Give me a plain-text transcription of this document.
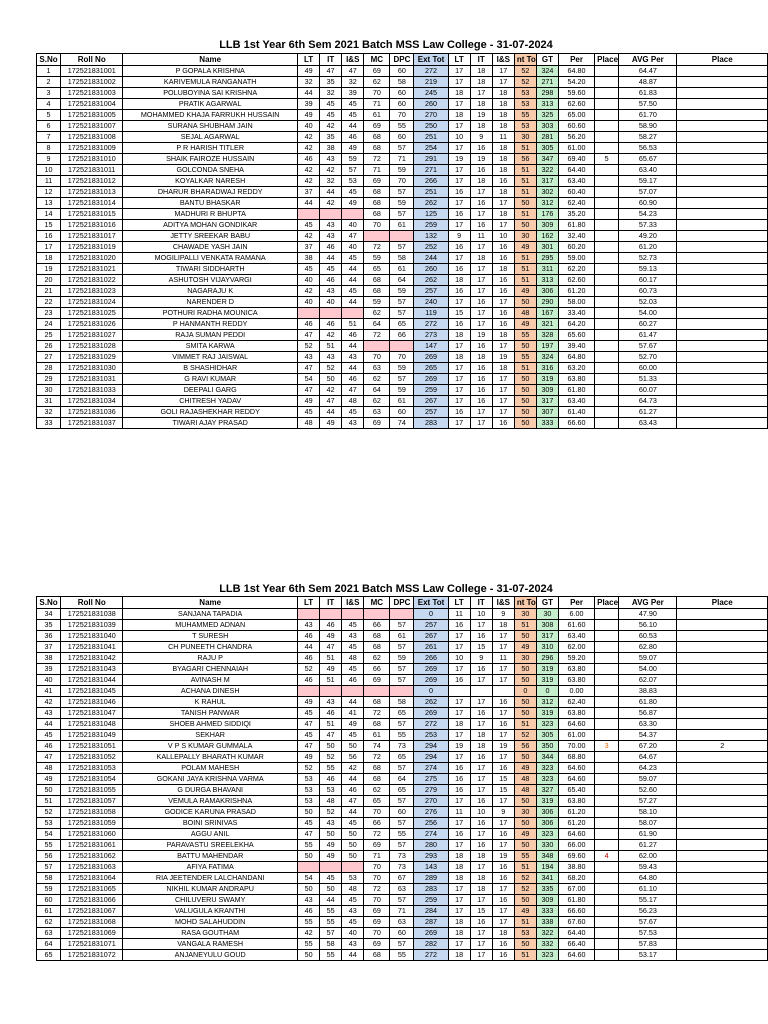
LLB 1st Year 6th Sem 2021 Batch MSS Law College - 31-07-2024
S.No	Roll No	Name	LT	IT	I&S	MC	DPC	Ext Tot	LT	IT	I&S	nt To	GT	Per	Place	AVG Per	Place
1	172521831001	P GOPALA KRISHNA	49	47	47	69	60	272	17	18	17	52	324	64.80		64.47	
2	172521831002	KARIVEMULA RANGANATH	32	35	32	62	58	219	17	18	17	52	271	54.20		48.87	
3	172521831003	POLUBOYINA SAI KRISHNA	44	32	39	70	60	245	18	17	18	53	298	59.60		61.83	
4	172521831004	PRATIK AGARWAL	39	45	45	71	60	260	17	18	18	53	313	62.60		57.50	
5	172521831005	MOHAMMED KHAJA FARRUKH HUSSAIN	49	45	45	61	70	270	18	19	18	55	325	65.00		61.70	
6	172521831007	SURANA SHUBHAM JAIN	40	42	44	69	55	250	17	18	18	53	303	60.60		58.90	
7	172521831008	SEJAL AGARWAL	42	35	46	68	60	251	10	9	11	30	281	56.20		58.27	
8	172521831009	P R HARISH TITLER	42	38	49	68	57	254	17	16	18	51	305	61.00		56.53	
9	172521831010	SHAIK FAIROZE HUSSAIN	46	43	59	72	71	291	19	19	18	56	347	69.40	5	65.67	
10	172521831011	GOLCONDA SNEHA	42	42	57	71	59	271	17	16	18	51	322	64.40		63.40	
11	172521831012	KOYALKAR NARESH	42	32	53	69	70	266	17	18	16	51	317	63.40		59.17	
12	172521831013	DHARUR BHARADWAJ REDDY	37	44	45	68	57	251	16	17	18	51	302	60.40		57.07	
13	172521831014	BANTU BHASKAR	44	42	49	68	59	262	17	16	17	50	312	62.40		60.90	
14	172521831015	MADHURI R BHUPTA				68	57	125	16	17	18	51	176	35.20		54.23	
15	172521831016	ADITYA MOHAN GONDIKAR	45	43	40	70	61	259	17	16	17	50	309	61.80		57.33	
16	172521831017	JETTY SREEKAR BABU	42	43	47			132	9	11	10	30	162	32.40		49.20	
17	172521831019	CHAWADE YASH JAIN	37	46	40	72	57	252	16	17	16	49	301	60.20		61.20	
18	172521831020	MOGILIPALLI VENKATA RAMANA	38	44	45	59	58	244	17	18	16	51	295	59.00		52.73	
19	172521831021	TIWARI SIDDHARTH	45	45	44	65	61	260	16	17	18	51	311	62.20		59.13	
20	172521831022	ASHUTOSH VIJAYVARGI	40	46	44	68	64	262	18	17	16	51	313	62.60		60.17	
21	172521831023	NAGARAJU K	42	43	45	68	59	257	16	17	16	49	306	61.20		60.73	
22	172521831024	NARENDER D	40	40	44	59	57	240	17	16	17	50	290	58.00		52.03	
23	172521831025	POTHURI RADHA MOUNICA				62	57	119	15	17	16	48	167	33.40		54.00	
24	172521831026	P HANMANTH REDDY	46	46	51	64	65	272	16	17	16	49	321	64.20		60.27	
25	172521831027	RAJA SUMAN PEDDI	47	42	46	72	66	273	18	19	18	55	328	65.60		61.47	
26	172521831028	SMITA KARWA	52	51	44			147	17	16	17	50	197	39.40		57.67	
27	172521831029	VIMMET RAJ JAISWAL	43	43	43	70	70	269	18	18	19	55	324	64.80		52.70	
28	172521831030	B SHASHIDHAR	47	52	44	63	59	265	17	16	18	51	316	63.20		60.00	
29	172521831031	G RAVI KUMAR	54	50	46	62	57	269	17	16	17	50	319	63.80		51.33	
30	172521831033	DEEPALI GARG	47	42	47	64	59	259	17	16	17	50	309	61.80		60.07	
31	172521831034	CHITRESH YADAV	49	47	48	62	61	267	17	16	17	50	317	63.40		64.73	
32	172521831036	GOLI RAJASHEKHAR REDDY	45	44	45	63	60	257	16	17	17	50	307	61.40		61.27	
33	172521831037	TIWARI AJAY PRASAD	48	49	43	69	74	283	17	17	16	50	333	66.60		63.43	
LLB 1st Year 6th Sem 2021 Batch MSS Law College - 31-07-2024
S.No	Roll No	Name	LT	IT	I&S	MC	DPC	Ext Tot	LT	IT	I&S	nt To	GT	Per	Place	AVG Per	Place
34	172521831038	SANJANA TAPADIA						0	11	10	9	30	30	6.00		47.90	
35	172521831039	MUHAMMED ADNAN	43	46	45	66	57	257	16	17	18	51	308	61.60		56.10	
36	172521831040	T SURESH	46	49	43	68	61	267	17	16	17	50	317	63.40		60.53	
37	172521831041	CH PUNEETH CHANDRA	44	47	45	68	57	261	17	15	17	49	310	62.00		62.80	
38	172521831042	RAJU P	46	51	48	62	59	266	10	9	11	30	296	59.20		59.07	
39	172521831043	BYAGARI CHENNAIAH	52	49	45	66	57	269	17	16	17	50	319	63.80		54.00	
40	172521831044	AVINASH M	46	51	46	69	57	269	16	17	17	50	319	63.80		62.07	
41	172521831045	ACHANA DINESH						0				0	0	0.00		38.83	
42	172521831046	K RAHUL	49	43	44	68	58	262	17	17	16	50	312	62.40		61.80	
43	172521831047	TANISH PANWAR	45	46	41	72	65	269	17	16	17	50	319	63.80		56.87	
44	172521831048	SHOEB AHMED SIDDIQI	47	51	49	68	57	272	18	17	16	51	323	64.60		63.30	
45	172521831049	SEKHAR	45	47	45	61	55	253	17	18	17	52	305	61.00		54.37	
46	172521831051	V P S KUMAR GUMMALA	47	50	50	74	73	294	19	18	19	56	350	70.00	3	67.20	2
47	172521831052	KALLEPALLY BHARATH KUMAR	49	52	56	72	65	294	17	16	17	50	344	68.80		64.67	
48	172521831053	POLAM MAHESH	52	55	42	68	57	274	16	17	16	49	323	64.60		64.23	
49	172521831054	GOKANI JAYA KRISHNA VARMA	53	46	44	68	64	275	16	17	15	48	323	64.60		59.07	
50	172521831055	G DURGA BHAVANI	53	53	46	62	65	279	16	17	15	48	327	65.40		52.60	
51	172521831057	VEMULA RAMAKRISHNA	53	48	47	65	57	270	17	16	17	50	319	63.80		57.27	
52	172521831058	GODICE KARUNA PRASAD	50	52	44	70	60	276	11	10	9	30	306	61.20		58.10	
53	172521831059	BOINI SRINIVAS	45	43	45	66	57	256	17	16	17	50	306	61.20		58.07	
54	172521831060	AGGU ANIL	47	50	50	72	55	274	16	17	16	49	323	64.60		61.90	
55	172521831061	PARAVASTU SREELEKHA	55	49	50	69	57	280	17	16	17	50	330	66.00		61.27	
56	172521831062	BATTU MAHENDAR	50	49	50	71	73	293	18	18	19	55	348	69.60	4	62.00	
57	172521831063	AFIYA FATIMA				70	73	143	18	17	16	51	194	38.80		59.43	
58	172521831064	RIA JEETENDER LALCHANDANI	54	45	53	70	67	289	18	18	16	52	341	68.20		64.80	
59	172521831065	NIKHIL KUMAR ANDRAPU	50	50	48	72	63	283	17	18	17	52	335	67.00		61.10	
60	172521831066	CHILUVERU SWAMY	43	44	45	70	57	259	17	17	16	50	309	61.80		55.17	
61	172521831067	VALUGULA KRANTHI	46	55	43	69	71	284	17	15	17	49	333	66.60		56.23	
62	172521831068	MOHD SALAHUDDIN	55	55	45	69	63	287	18	16	17	51	338	67.60		57.67	
63	172521831069	RASA GOUTHAM	42	57	40	70	60	269	18	17	18	53	322	64.40		57.53	
64	172521831071	VANGALA RAMESH	55	58	43	69	57	282	17	17	16	50	332	66.40		57.83	
65	172521831072	ANJANEYULU GOUD	50	55	44	68	55	272	18	17	16	51	323	64.60		53.17	
